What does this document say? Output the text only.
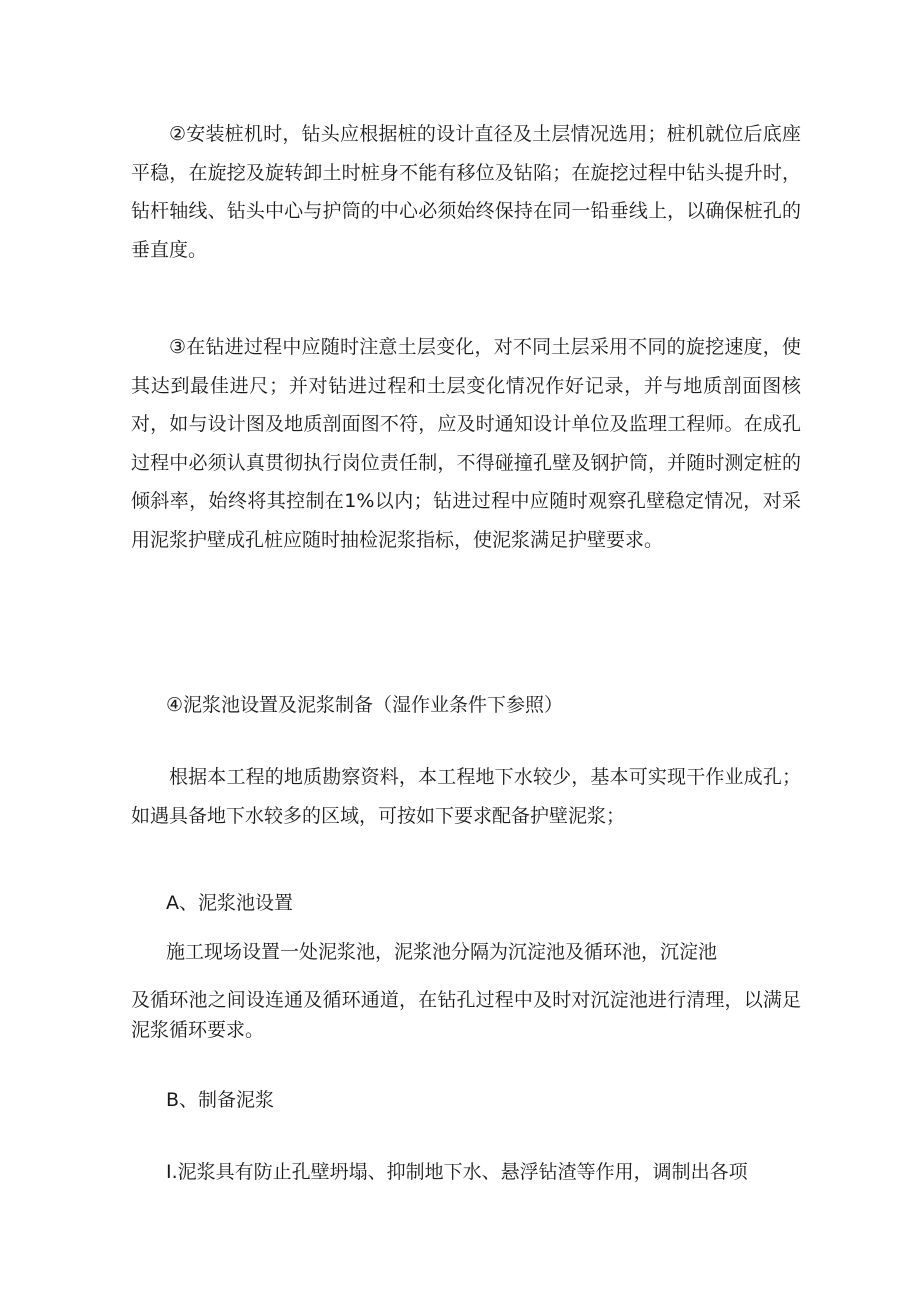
②安装桩机时，钻头应根据桩的设计直径及土层情况选用；桩机就位后底座平稳，在旋挖及旋转卸土时桩身不能有移位及钻陷；在旋挖过程中钻头提升时，钻杆轴线、钻头中心与护筒的中心必须始终保持在同一铅垂线上，以确保桩孔的垂直度。

③在钻进过程中应随时注意土层变化，对不同土层采用不同的旋挖速度，使其达到最佳进尺；并对钻进过程和土层变化情况作好记录，并与地质剖面图核对，如与设计图及地质剖面图不符，应及时通知设计单位及监理工程师。在成孔过程中必须认真贯彻执行岗位责任制，不得碰撞孔壁及钢护筒，并随时测定桩的倾斜率，始终将其控制在1%以内；钻进过程中应随时观察孔壁稳定情况，对采用泥浆护壁成孔桩应随时抽检泥浆指标，使泥浆满足护壁要求。

④泥浆池设置及泥浆制备（湿作业条件下参照）

根据本工程的地质勘察资料，本工程地下水较少，基本可实现干作业成孔；如遇具备地下水较多的区域，可按如下要求配备护壁泥浆；

A、泥浆池设置

施工现场设置一处泥浆池，泥浆池分隔为沉淀池及循环池，沉淀池

及循环池之间设连通及循环通道，在钻孔过程中及时对沉淀池进行清理，以满足泥浆循环要求。

B、制备泥浆

I.泥浆具有防止孔壁坍塌、抑制地下水、悬浮钻渣等作用，调制出各项
